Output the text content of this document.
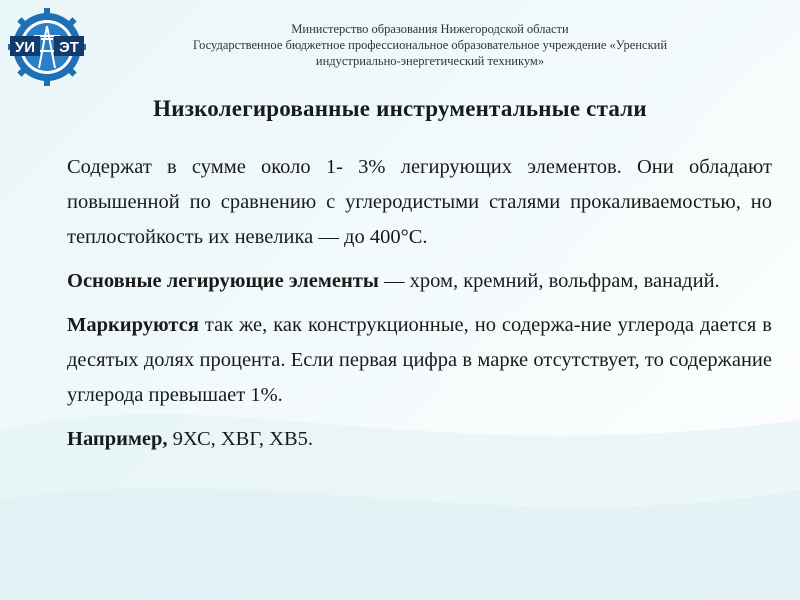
УИ ЭТ
Министерство образования Нижегородской области
Государственное бюджетное профессиональное образовательное учреждение «Уренский
индустриально-энергетический техникум»
Низколегированные инструментальные стали

Содержат в сумме около 1- 3% легирующих элементов. Они обладают повышенной по сравнению с углеродистыми сталями прокаливаемостью, но теплостойкость их невелика — до 400°С.

Основные легирующие элементы — хром, кремний, вольфрам, ванадий.

Маркируются так же, как конструкционные, но содержа-ние углерода дается в десятых долях процента. Если первая цифра в марке отсутствует, то содержание углерода превышает 1%.

Например, 9ХС, ХВГ, ХВ5.
